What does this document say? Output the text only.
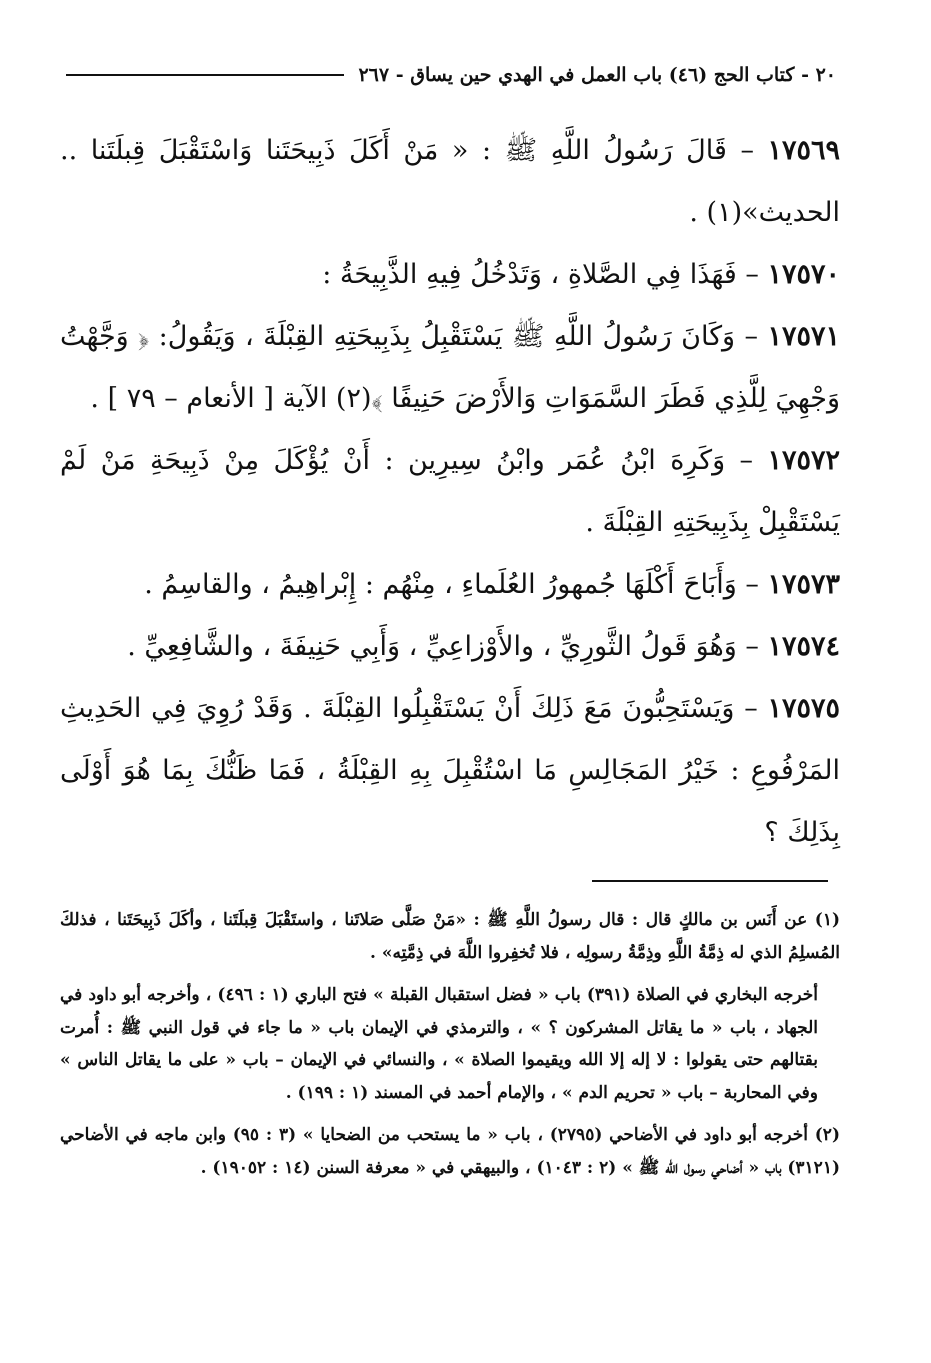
٢٠ - كتاب الحج (٤٦) باب العمل في الهدي حين يساق - ٢٦٧

١٧٥٦٩ – قَالَ رَسُولُ اللَّهِ ﷺ : « مَنْ أَكَلَ ذَبِيحَتَنا وَاسْتَقْبَلَ قِبلَتَنا .. الحديث»(١) .

١٧٥٧٠ – فَهَذَا فِي الصَّلاةِ ، وَتَدْخُلُ فِيهِ الذَّبِيحَةُ :

١٧٥٧١ – وَكَانَ رَسُولُ اللَّهِ ﷺ يَسْتَقْبِلُ بِذَبِيحَتِهِ القِبْلَةَ ، وَيَقُولُ: ﴿ وَجَّهْتُ وَجْهِيَ لِلَّذِي فَطَرَ السَّمَوَاتِ وَالأَرْضَ حَنِيفًا ﴾(٢) الآية [ الأنعام – ٧٩ ] .

١٧٥٧٢ – وَكَرِهَ ابْنُ عُمَر وابْنُ سِيرِين : أَنْ يُؤْكَلَ مِنْ ذَبِيحَةِ مَنْ لَمْ يَسْتَقْبِلْ بِذَبِيحَتِهِ القِبْلَةَ .

١٧٥٧٣ – وَأَبَاحَ أَكْلَهَا جُمهورُ العُلَماءِ ، مِنْهُم : إِبْراهِيمُ ، والقاسِمُ .

١٧٥٧٤ – وَهُوَ قَولُ الثَّورِيِّ ، والأَوْزاعِيِّ ، وَأَبِي حَنِيفَةَ ، والشَّافِعِيِّ .

١٧٥٧٥ – وَيَسْتَحِبُّونَ مَعَ ذَلِكَ أَنْ يَسْتَقْبِلُوا القِبْلَةَ . وَقَدْ رُوِيَ فِي الحَدِيثِ المَرْفُوعِ : خَيْرُ المَجَالِسِ مَا اسْتُقْبِلَ بِهِ القِبْلَةُ ، فَمَا ظَنُّكَ بِمَا هُوَ أَوْلَى بِذَلِكَ ؟

(١) عن أَنَس بن مالكٍ قال : قال رسولُ اللَّهِ ﷺ : «مَنْ صَلَّى صَلاتَنا ، واستَقْبَلَ قِبلَتَنا ، وأكَلَ ذَبِيحَتَنا ، فذلكَ المُسلِمُ الذي له ذِمَّةُ اللَّهِ وذِمَّةُ رسولِه ، فلا تُخفِروا اللَّهَ في ذِمَّتِه» .

أخرجه البخاري في الصلاة (٣٩١) باب « فضل استقبال القبلة » فتح الباري (١ : ٤٩٦) ، وأخرجه أبو داود في الجهاد ، باب « ما يقاتل المشركون ؟ » ، والترمذي في الإيمان باب « ما جاء في قول النبي ﷺ : أُمرت بقتالهم حتى يقولوا : لا إله إلا الله ويقيموا الصلاة » ، والنسائي في الإيمان – باب « على ما يقاتل الناس » وفي المحاربة – باب « تحريم الدم » ، والإمام أحمد في المسند (١ : ١٩٩) .

(٢) أخرجه أبو داود في الأضاحي (٢٧٩٥) ، باب « ما يستحب من الضحايا » (٣ : ٩٥) وابن ماجه في الأضاحي (٣١٢١) باب « أضاحي رسول الله ﷺ » (٢ : ١٠٤٣) ، والبيهقي في « معرفة السنن (١٤ : ١٩٠٥٢) .
